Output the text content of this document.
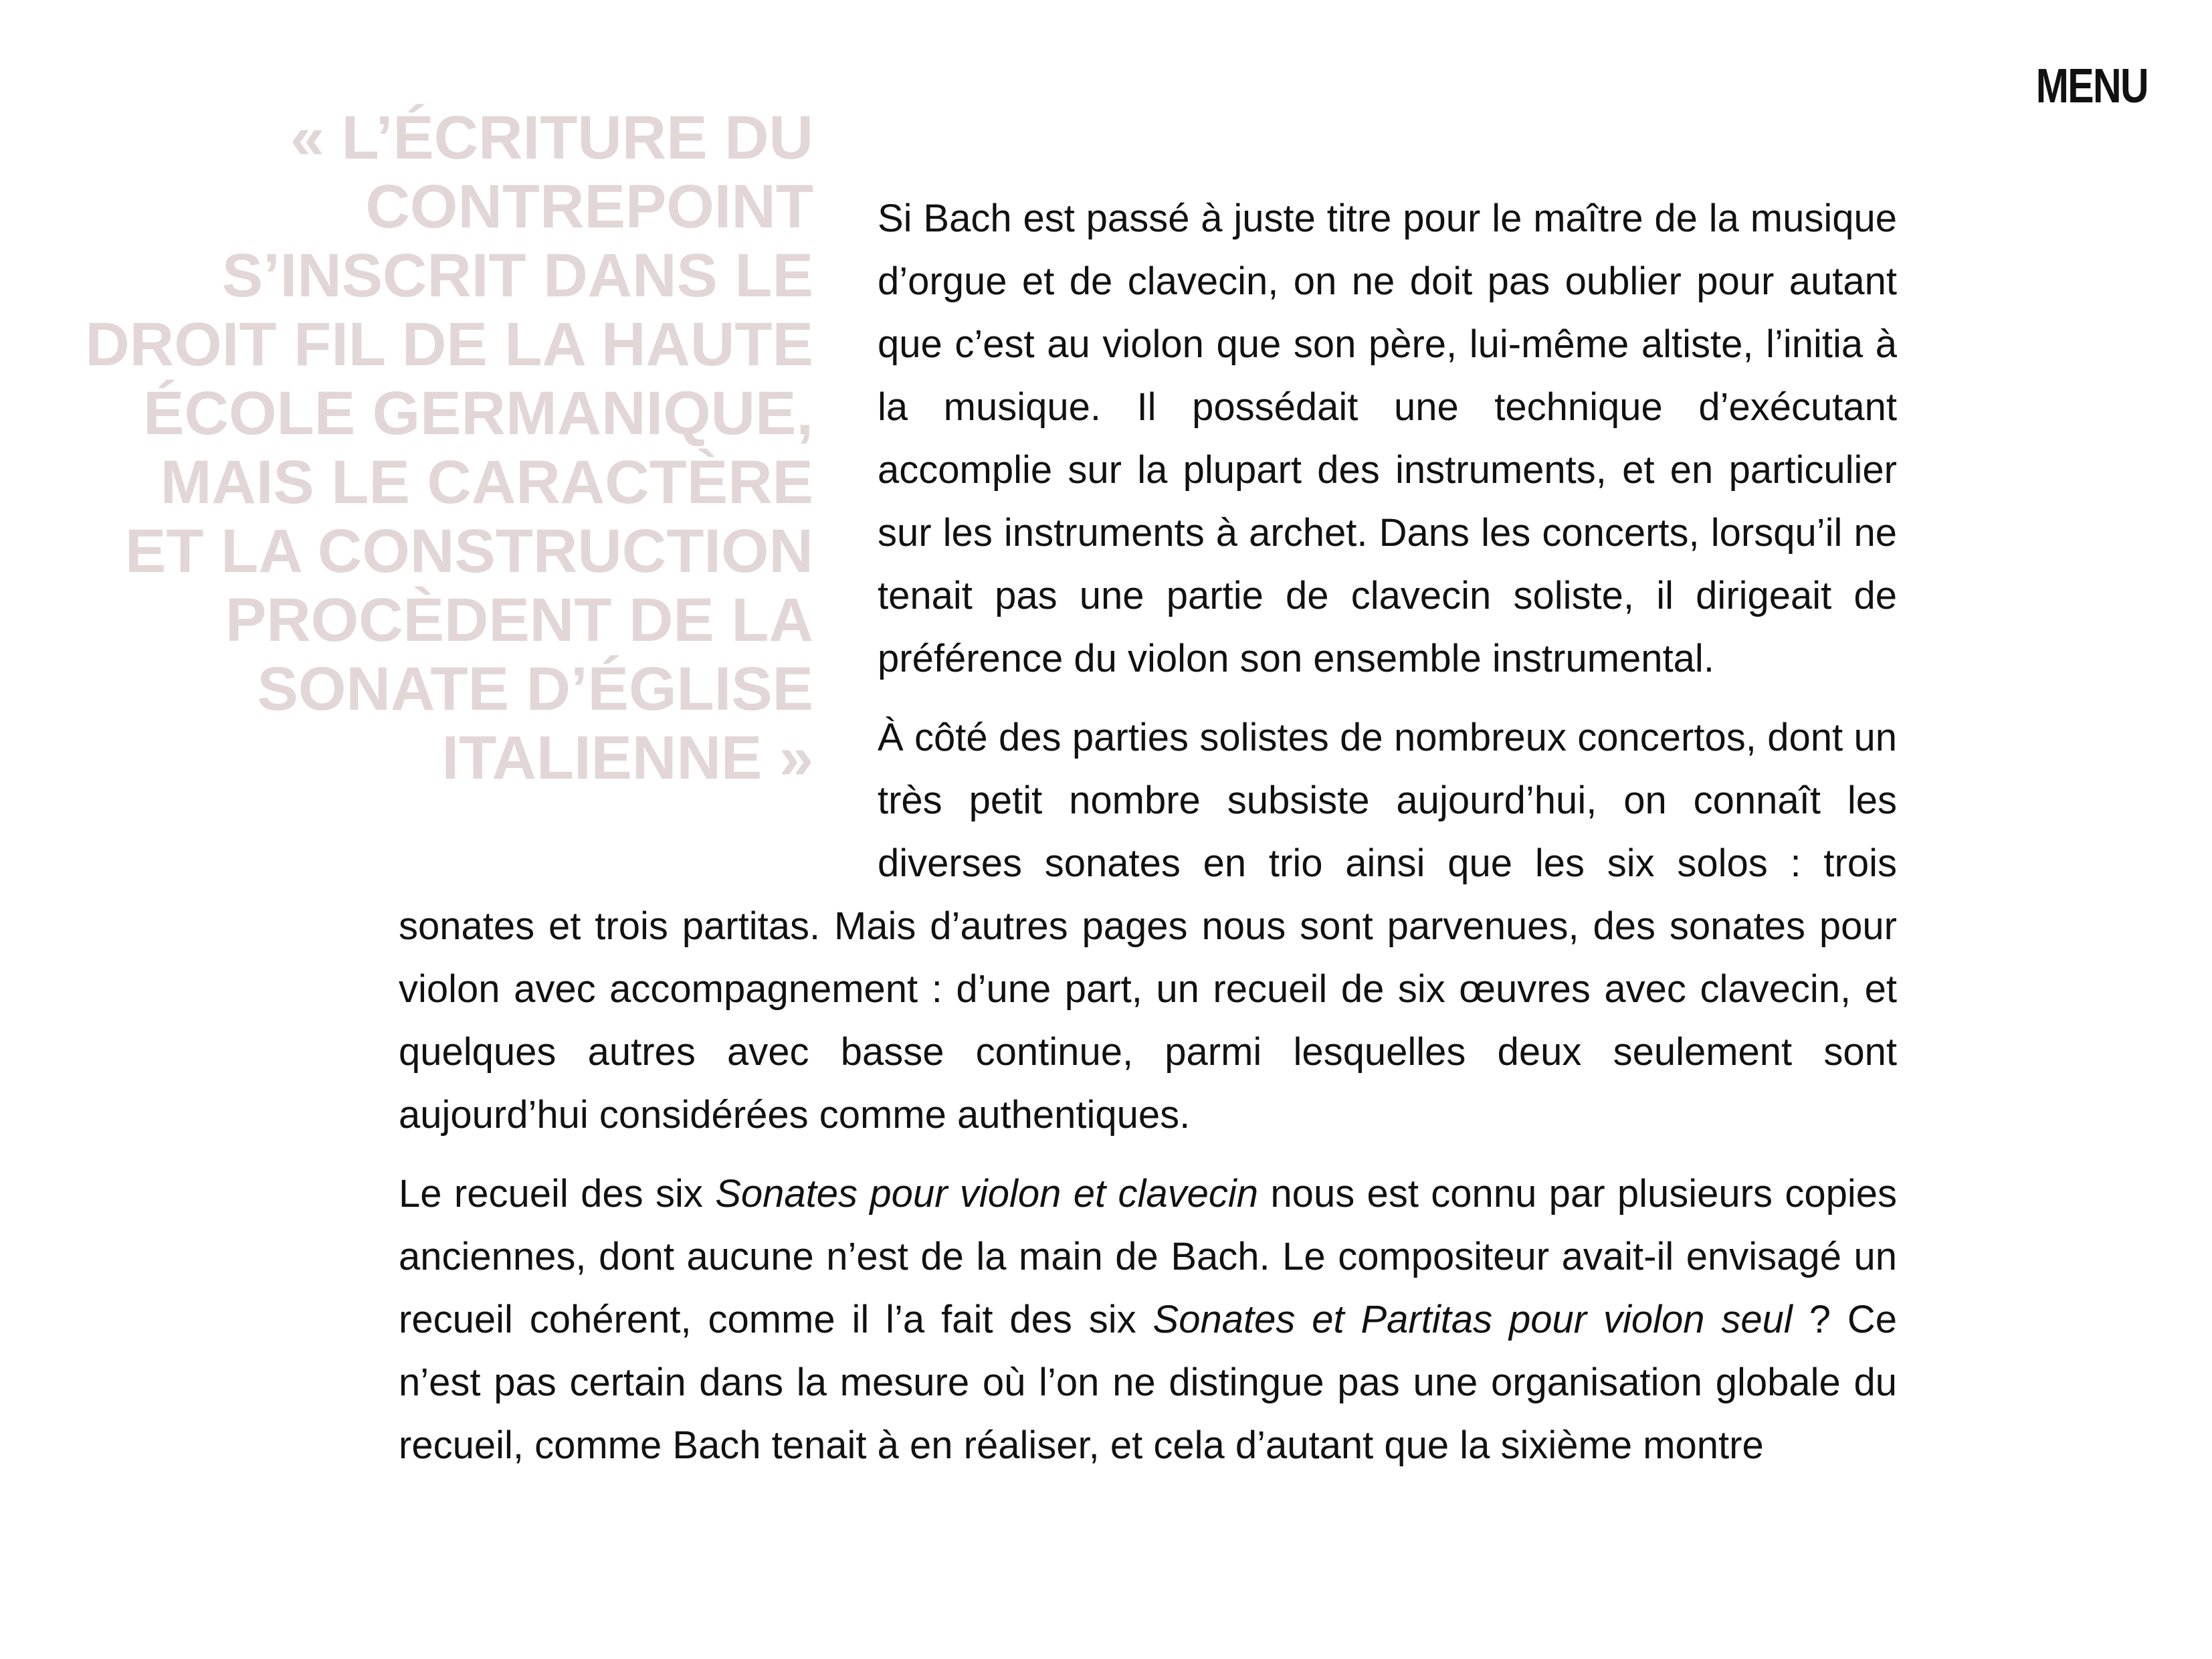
MENU
« L’ÉCRITURE DU CONTREPOINT S’INSCRIT DANS LE DROIT FIL DE LA HAUTE ÉCOLE GERMANIQUE, MAIS LE CARACTÈRE ET LA CONSTRUCTION PROCÈDENT DE LA SONATE D’ÉGLISE ITALIENNE »

Si Bach est passé à juste titre pour le maître de la musique d’orgue et de clavecin, on ne doit pas oublier pour autant que c’est au violon que son père, lui-même altiste, l’initia à la musique. Il possédait une technique d’exécutant accomplie sur la plupart des instruments, et en particulier sur les instruments à archet. Dans les concerts, lorsqu’il ne tenait pas une partie de clavecin soliste, il dirigeait de préférence du violon son ensemble instrumental.

À côté des parties solistes de nombreux concertos, dont un très petit nombre subsiste aujourd’hui, on connaît les diverses sonates en trio ainsi que les six solos : trois sonates et trois partitas. Mais d’autres pages nous sont parvenues, des sonates pour violon avec accompagnement : d’une part, un recueil de six œuvres avec clavecin, et quelques autres avec basse continue, parmi lesquelles deux seulement sont aujourd’hui considérées comme authentiques.

Le recueil des six Sonates pour violon et clavecin nous est connu par plusieurs copies anciennes, dont aucune n’est de la main de Bach. Le compositeur avait-il envisagé un recueil cohérent, comme il l’a fait des six Sonates et Partitas pour violon seul ? Ce n’est pas certain dans la mesure où l’on ne distingue pas une organisation globale du recueil, comme Bach tenait à en réaliser, et cela d’autant que la sixième montre
